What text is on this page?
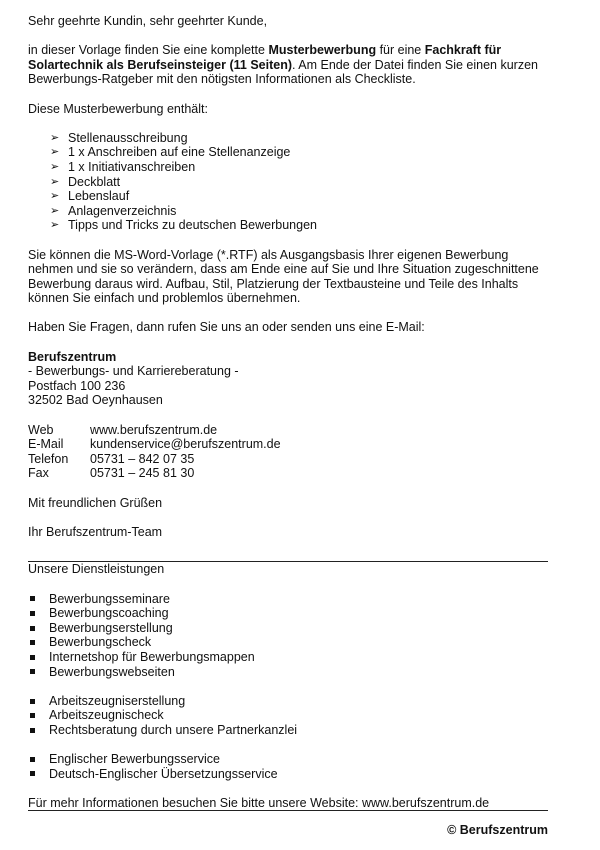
Sehr geehrte Kundin, sehr geehrter Kunde,

in dieser Vorlage finden Sie eine komplette Musterbewerbung für eine Fachkraft für Solartechnik als Berufseinsteiger (11 Seiten). Am Ende der Datei finden Sie einen kurzen Bewerbungs-Ratgeber mit den nötigsten Informationen als Checkliste.

Diese Musterbewerbung enthält:

➢ Stellenausschreibung
➢ 1 x Anschreiben auf eine Stellenanzeige
➢ 1 x Initiativanschreiben
➢ Deckblatt
➢ Lebenslauf
➢ Anlagenverzeichnis
➢ Tipps und Tricks zu deutschen Bewerbungen

Sie können die MS-Word-Vorlage (*.RTF) als Ausgangsbasis Ihrer eigenen Bewerbung nehmen und sie so verändern, dass am Ende eine auf Sie und Ihre Situation zugeschnittene Bewerbung daraus wird. Aufbau, Stil, Platzierung der Textbausteine und Teile des Inhalts können Sie einfach und problemlos übernehmen.

Haben Sie Fragen, dann rufen Sie uns an oder senden uns eine E-Mail:

Berufszentrum

- Bewerbungs- und Karriereberatung -

Postfach 100 236

32502 Bad Oeynhausen

Web	www.berufszentrum.de
E-Mail	kundenservice@berufszentrum.de
Telefon	05731 – 842 07 35
Fax	05731 – 245 81 30

Mit freundlichen Grüßen

Ihr Berufszentrum-Team

Unsere Dienstleistungen

Bewerbungsseminare
Bewerbungscoaching
Bewerbungserstellung
Bewerbungscheck
Internetshop für Bewerbungsmappen
Bewerbungswebseiten
Arbeitszeugniserstellung
Arbeitszeugnischeck
Rechtsberatung durch unsere Partnerkanzlei
Englischer Bewerbungsservice
Deutsch-Englischer Übersetzungsservice

Für mehr Informationen besuchen Sie bitte unsere Website: www.berufszentrum.de

© Berufszentrum
